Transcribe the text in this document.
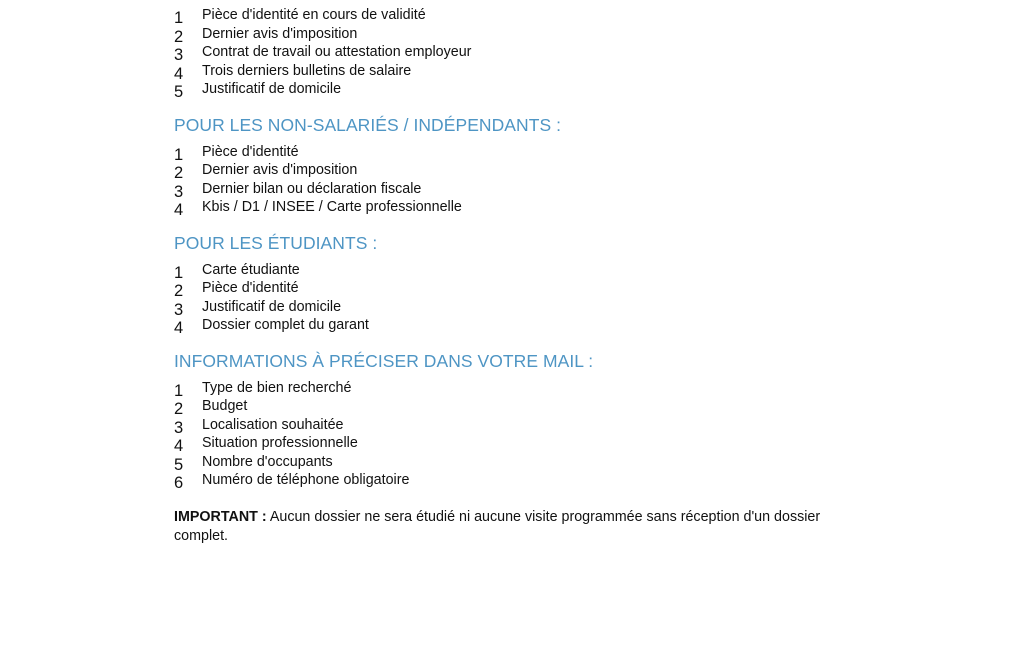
1 Pièce d'identité en cours de validité
2 Dernier avis d'imposition
3 Contrat de travail ou attestation employeur
4 Trois derniers bulletins de salaire
5 Justificatif de domicile
POUR LES NON-SALARIÉS / INDÉPENDANTS :
1 Pièce d'identité
2 Dernier avis d'imposition
3 Dernier bilan ou déclaration fiscale
4 Kbis / D1 / INSEE / Carte professionnelle
POUR LES ÉTUDIANTS :
1 Carte étudiante
2 Pièce d'identité
3 Justificatif de domicile
4 Dossier complet du garant
INFORMATIONS À PRÉCISER DANS VOTRE MAIL :
1 Type de bien recherché
2 Budget
3 Localisation souhaitée
4 Situation professionnelle
5 Nombre d'occupants
6 Numéro de téléphone obligatoire

IMPORTANT : Aucun dossier ne sera étudié ni aucune visite programmée sans réception d'un dossier complet.
